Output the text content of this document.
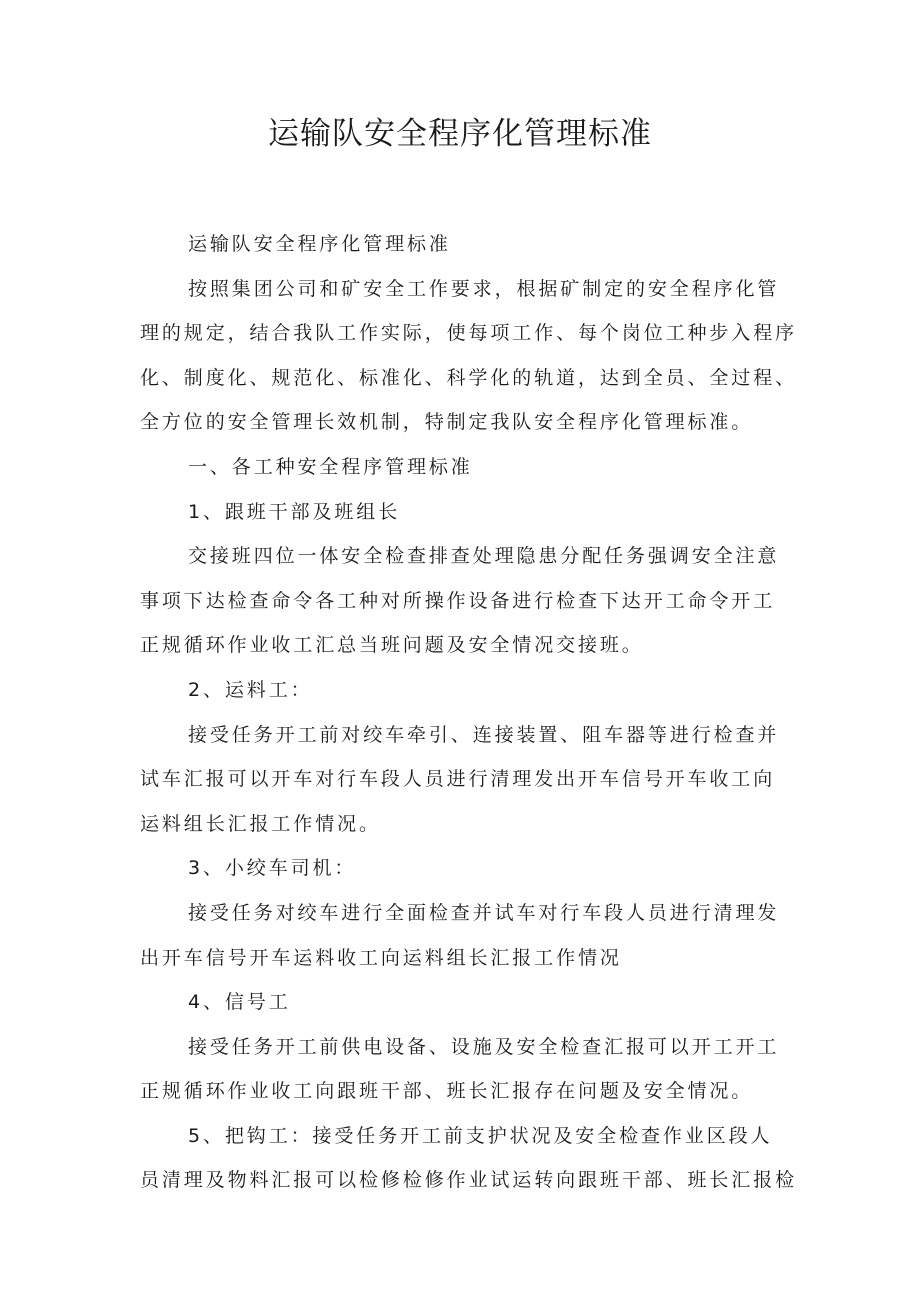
运输队安全程序化管理标准

运输队安全程序化管理标准

按照集团公司和矿安全工作要求，根据矿制定的安全程序化管

理的规定，结合我队工作实际，使每项工作、每个岗位工种步入程序

化、制度化、规范化、标准化、科学化的轨道，达到全员、全过程、

全方位的安全管理长效机制，特制定我队安全程序化管理标准。

一、各工种安全程序管理标准

1、跟班干部及班组长

交接班四位一体安全检查排查处理隐患分配任务强调安全注意

事项下达检查命令各工种对所操作设备进行检查下达开工命令开工

正规循环作业收工汇总当班问题及安全情况交接班。

2、运料工：

接受任务开工前对绞车牵引、连接装置、阻车器等进行检查并

试车汇报可以开车对行车段人员进行清理发出开车信号开车收工向

运料组长汇报工作情况。

3、小绞车司机：

接受任务对绞车进行全面检查并试车对行车段人员进行清理发

出开车信号开车运料收工向运料组长汇报工作情况

4、信号工

接受任务开工前供电设备、设施及安全检查汇报可以开工开工

正规循环作业收工向跟班干部、班长汇报存在问题及安全情况。

5、把钩工：接受任务开工前支护状况及安全检查作业区段人

员清理及物料汇报可以检修检修作业试运转向跟班干部、班长汇报检
